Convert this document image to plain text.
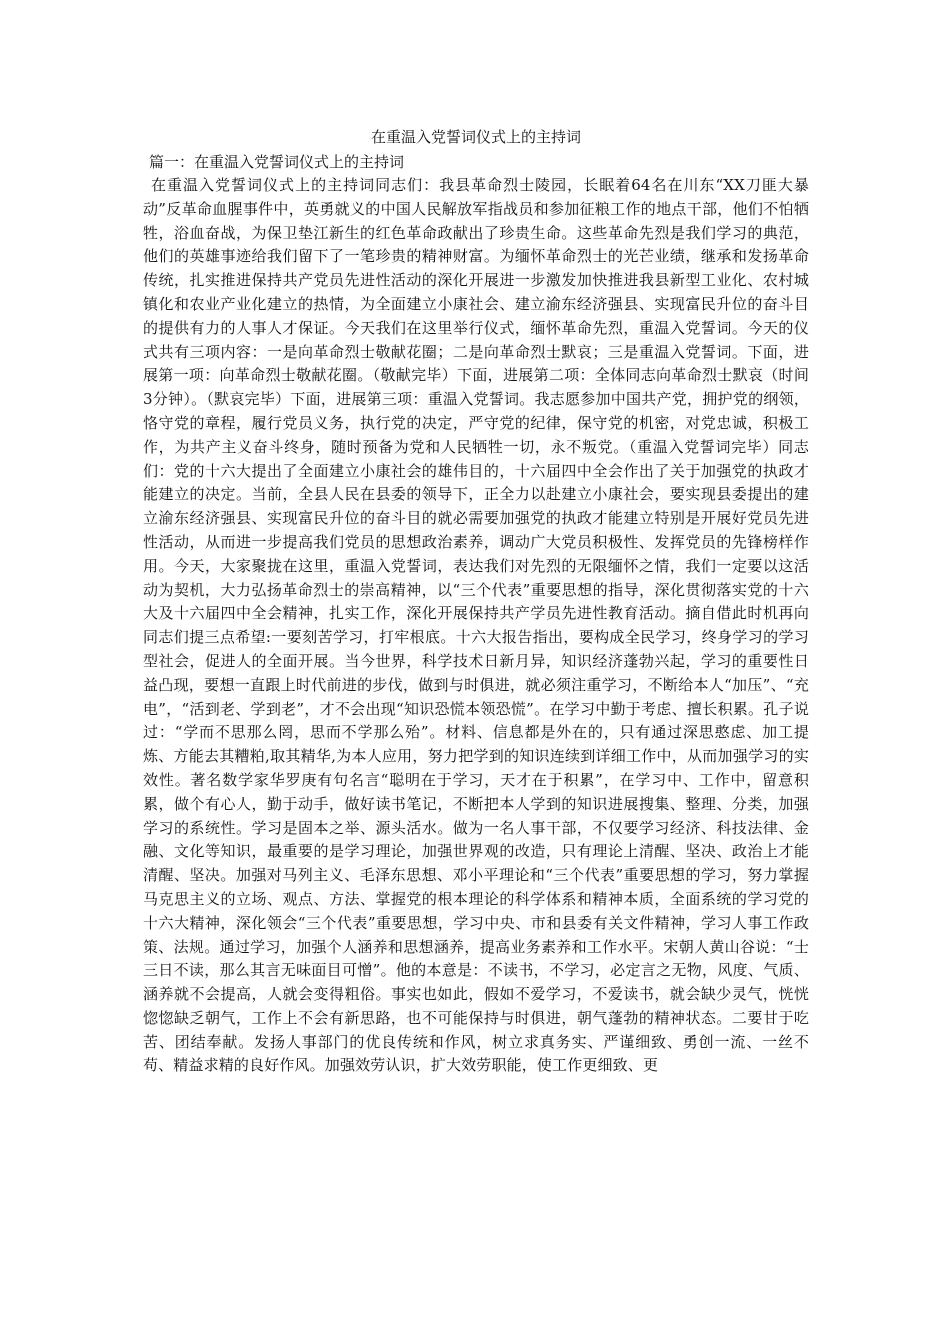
在重温入党誓词仪式上的主持词
篇一：在重温入党誓词仪式上的主持词

在重温入党誓词仪式上的主持词同志们：我县革命烈士陵园，长眠着64名在川东“XX刀匪大暴动”反革命血腥事件中，英勇就义的中国人民解放军指战员和参加征粮工作的地点干部，他们不怕牺牲，浴血奋战，为保卫垫江新生的红色革命政献出了珍贵生命。这些革命先烈是我们学习的典范，他们的英雄事迹给我们留下了一笔珍贵的精神财富。为缅怀革命烈士的光芒业绩，继承和发扬革命传统，扎实推进保持共产党员先进性活动的深化开展进一步激发加快推进我县新型工业化、农村城镇化和农业产业化建立的热情，为全面建立小康社会、建立渝东经济强县、实现富民升位的奋斗目的提供有力的人事人才保证。今天我们在这里举行仪式，缅怀革命先烈，重温入党誓词。今天的仪式共有三项内容：一是向革命烈士敬献花圈；二是向革命烈士默哀；三是重温入党誓词。下面，进展第一项：向革命烈士敬献花圈。（敬献完毕）下面，进展第二项：全体同志向革命烈士默哀（时间3分钟）。（默哀完毕）下面，进展第三项：重温入党誓词。我志愿参加中国共产党，拥护党的纲领，恪守党的章程，履行党员义务，执行党的决定，严守党的纪律，保守党的机密，对党忠诚，积极工作，为共产主义奋斗终身，随时预备为党和人民牺牲一切，永不叛党。（重温入党誓词完毕）同志们：党的十六大提出了全面建立小康社会的雄伟目的，十六届四中全会作出了关于加强党的执政才能建立的决定。当前，全县人民在县委的领导下，正全力以赴建立小康社会，要实现县委提出的建立渝东经济强县、实现富民升位的奋斗目的就必需要加强党的执政才能建立特别是开展好党员先进性活动，从而进一步提高我们党员的思想政治素养，调动广大党员积极性、发挥党员的先锋榜样作用。今天，大家聚拢在这里，重温入党誓词，表达我们对先烈的无限缅怀之情，我们一定要以这活动为契机，大力弘扬革命烈士的崇高精神，以“三个代表”重要思想的指导，深化贯彻落实党的十六大及十六届四中全会精神，扎实工作，深化开展保持共产学员先进性教育活动。摘自借此时机再向同志们提三点希望:一要刻苦学习，打牢根底。十六大报告指出，要构成全民学习，终身学习的学习型社会，促进人的全面开展。当今世界，科学技术日新月异，知识经济蓬勃兴起，学习的重要性日益凸现，要想一直跟上时代前进的步伐，做到与时俱进，就必须注重学习，不断给本人“加压”、“充电”，“活到老、学到老”，才不会出现“知识恐慌本领恐慌”。在学习中勤于考虑、擅长积累。孔子说过：“学而不思那么罔，思而不学那么殆”。材料、信息都是外在的，只有通过深思憨虑、加工提炼、方能去其糟粕,取其精华,为本人应用，努力把学到的知识连续到详细工作中，从而加强学习的实效性。著名数学家华罗庚有句名言“聪明在于学习，天才在于积累”，在学习中、工作中，留意积累，做个有心人，勤于动手，做好读书笔记，不断把本人学到的知识进展搜集、整理、分类，加强学习的系统性。学习是固本之举、源头活水。做为一名人事干部，不仅要学习经济、科技法律、金融、文化等知识，最重要的是学习理论，加强世界观的改造，只有理论上清醒、坚决、政治上才能清醒、坚决。加强对马列主义、毛泽东思想、邓小平理论和“三个代表”重要思想的学习，努力掌握马克思主义的立场、观点、方法、掌握党的根本理论的科学体系和精神本质，全面系统的学习党的十六大精神，深化领会“三个代表”重要思想，学习中央、市和县委有关文件精神，学习人事工作政策、法规。通过学习，加强个人涵养和思想涵养，提高业务素养和工作水平。宋朝人黄山谷说：“士三日不读，那么其言无味面目可憎”。他的本意是：不读书，不学习，必定言之无物，风度、气质、涵养就不会提高，人就会变得粗俗。事实也如此，假如不爱学习，不爱读书，就会缺少灵气，恍恍惚惚缺乏朝气，工作上不会有新思路，也不可能保持与时俱进，朝气蓬勃的精神状态。二要甘于吃苦、团结奉献。发扬人事部门的优良传统和作风，树立求真务实、严谨细致、勇创一流、一丝不苟、精益求精的良好作风。加强效劳认识，扩大效劳职能，使工作更细致、更
